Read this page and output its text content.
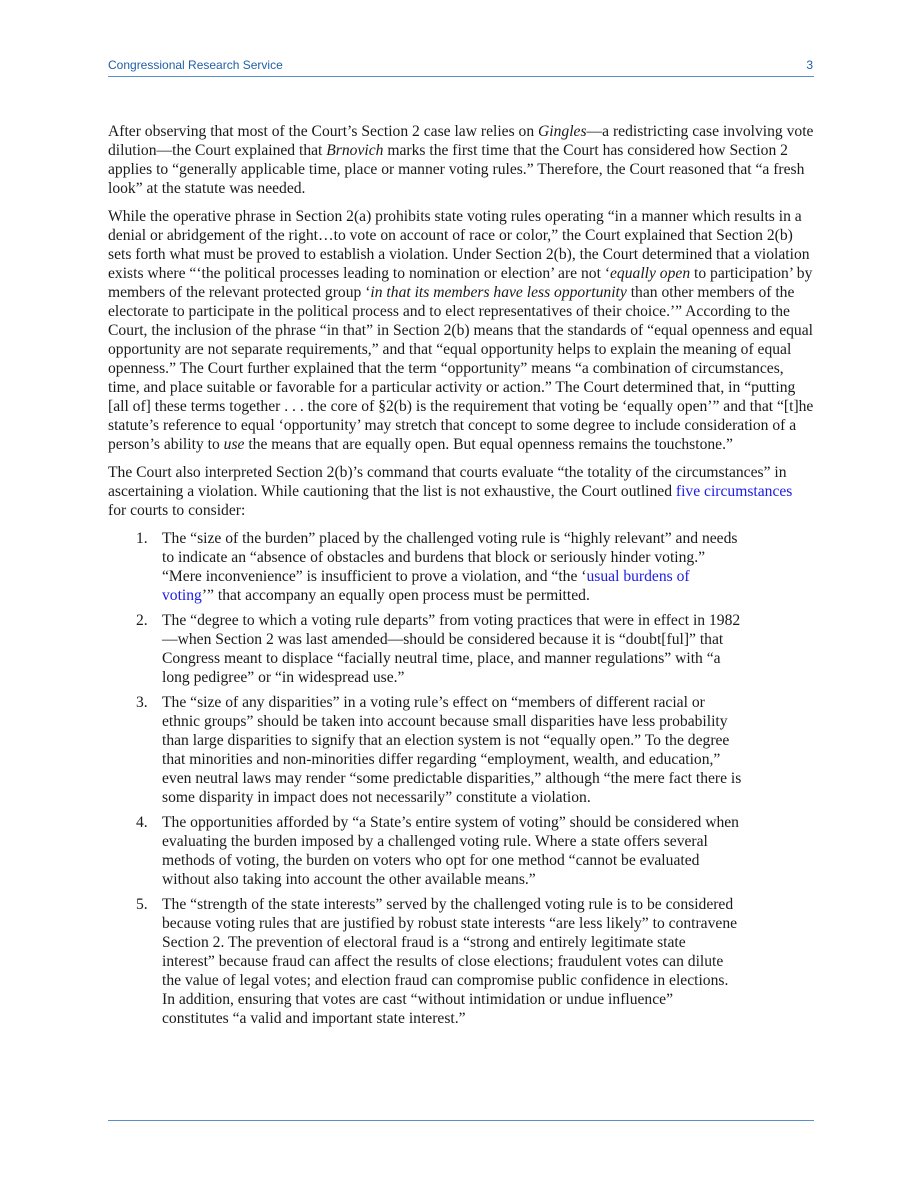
Congressional Research Service	3

After observing that most of the Court’s Section 2 case law relies on Gingles—a redistricting case involving vote dilution—the Court explained that Brnovich marks the first time that the Court has considered how Section 2 applies to “generally applicable time, place or manner voting rules.” Therefore, the Court reasoned that “a fresh look” at the statute was needed.

While the operative phrase in Section 2(a) prohibits state voting rules operating “in a manner which results in a denial or abridgement of the right…to vote on account of race or color,” the Court explained that Section 2(b) sets forth what must be proved to establish a violation. Under Section 2(b), the Court determined that a violation exists where “‘the political processes leading to nomination or election’ are not ‘equally open to participation’ by members of the relevant protected group ‘in that its members have less opportunity than other members of the electorate to participate in the political process and to elect representatives of their choice.’” According to the Court, the inclusion of the phrase “in that” in Section 2(b) means that the standards of “equal openness and equal opportunity are not separate requirements,” and that “equal opportunity helps to explain the meaning of equal openness.” The Court further explained that the term “opportunity” means “a combination of circumstances, time, and place suitable or favorable for a particular activity or action.” The Court determined that, in “putting [all of] these terms together . . . the core of §2(b) is the requirement that voting be ‘equally open’” and that “[t]he statute’s reference to equal ‘opportunity’ may stretch that concept to some degree to include consideration of a person’s ability to use the means that are equally open. But equal openness remains the touchstone.”

The Court also interpreted Section 2(b)’s command that courts evaluate “the totality of the circumstances” in ascertaining a violation. While cautioning that the list is not exhaustive, the Court outlined five circumstances for courts to consider:

1. The “size of the burden” placed by the challenged voting rule is “highly relevant” and needs to indicate an “absence of obstacles and burdens that block or seriously hinder voting.” “Mere inconvenience” is insufficient to prove a violation, and “the ‘usual burdens of voting’” that accompany an equally open process must be permitted.
2. The “degree to which a voting rule departs” from voting practices that were in effect in 1982—when Section 2 was last amended—should be considered because it is “doubt[ful]” that Congress meant to displace “facially neutral time, place, and manner regulations” with “a long pedigree” or “in widespread use.”
3. The “size of any disparities” in a voting rule’s effect on “members of different racial or ethnic groups” should be taken into account because small disparities have less probability than large disparities to signify that an election system is not “equally open.” To the degree that minorities and non-minorities differ regarding “employment, wealth, and education,” even neutral laws may render “some predictable disparities,” although “the mere fact there is some disparity in impact does not necessarily” constitute a violation.
4. The opportunities afforded by “a State’s entire system of voting” should be considered when evaluating the burden imposed by a challenged voting rule. Where a state offers several methods of voting, the burden on voters who opt for one method “cannot be evaluated without also taking into account the other available means.”
5. The “strength of the state interests” served by the challenged voting rule is to be considered because voting rules that are justified by robust state interests “are less likely” to contravene Section 2. The prevention of electoral fraud is a “strong and entirely legitimate state interest” because fraud can affect the results of close elections; fraudulent votes can dilute the value of legal votes; and election fraud can compromise public confidence in elections. In addition, ensuring that votes are cast “without intimidation or undue influence” constitutes “a valid and important state interest.”
